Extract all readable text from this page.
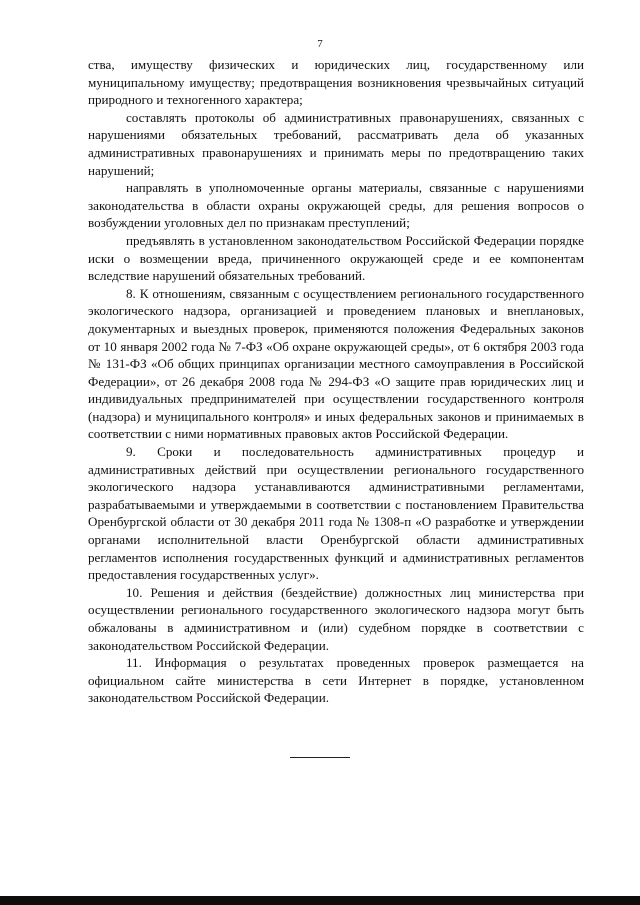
7

ства, имуществу физических и юридических лиц, государственному или муниципальному имуществу; предотвращения возникновения чрезвычайных ситуаций природного и техногенного характера;

составлять протоколы об административных правонарушениях, связанных с нарушениями обязательных требований, рассматривать дела об указанных административных правонарушениях и принимать меры по предотвращению таких нарушений;

направлять в уполномоченные органы материалы, связанные с нарушениями законодательства в области охраны окружающей среды, для решения вопросов о возбуждении уголовных дел по признакам преступлений;

предъявлять в установленном законодательством Российской Федерации порядке иски о возмещении вреда, причиненного окружающей среде и ее компонентам вследствие нарушений обязательных требований.

8. К отношениям, связанным с осуществлением регионального государственного экологического надзора, организацией и проведением плановых и внеплановых, документарных и выездных проверок, применяются положения Федеральных законов от 10 января 2002 года № 7-ФЗ «Об охране окружающей среды», от 6 октября 2003 года № 131-ФЗ «Об общих принципах организации местного самоуправления в Российской Федерации», от 26 декабря 2008 года № 294-ФЗ «О защите прав юридических лиц и индивидуальных предпринимателей при осуществлении государственного контроля (надзора) и муниципального контроля» и иных федеральных законов и принимаемых в соответствии с ними нормативных правовых актов Российской Федерации.

9. Сроки и последовательность административных процедур и административных действий при осуществлении регионального государственного экологического надзора устанавливаются административными регламентами, разрабатываемыми и утверждаемыми в соответствии с постановлением Правительства Оренбургской области от 30 декабря 2011 года № 1308-п «О разработке и утверждении органами исполнительной власти Оренбургской области административных регламентов исполнения государственных функций и административных регламентов предоставления государственных услуг».

10. Решения и действия (бездействие) должностных лиц министерства при осуществлении регионального государственного экологического надзора могут быть обжалованы в административном и (или) судебном порядке в соответствии с законодательством Российской Федерации.

11. Информация о результатах проведенных проверок размещается на официальном сайте министерства в сети Интернет в порядке, установленном законодательством Российской Федерации.
